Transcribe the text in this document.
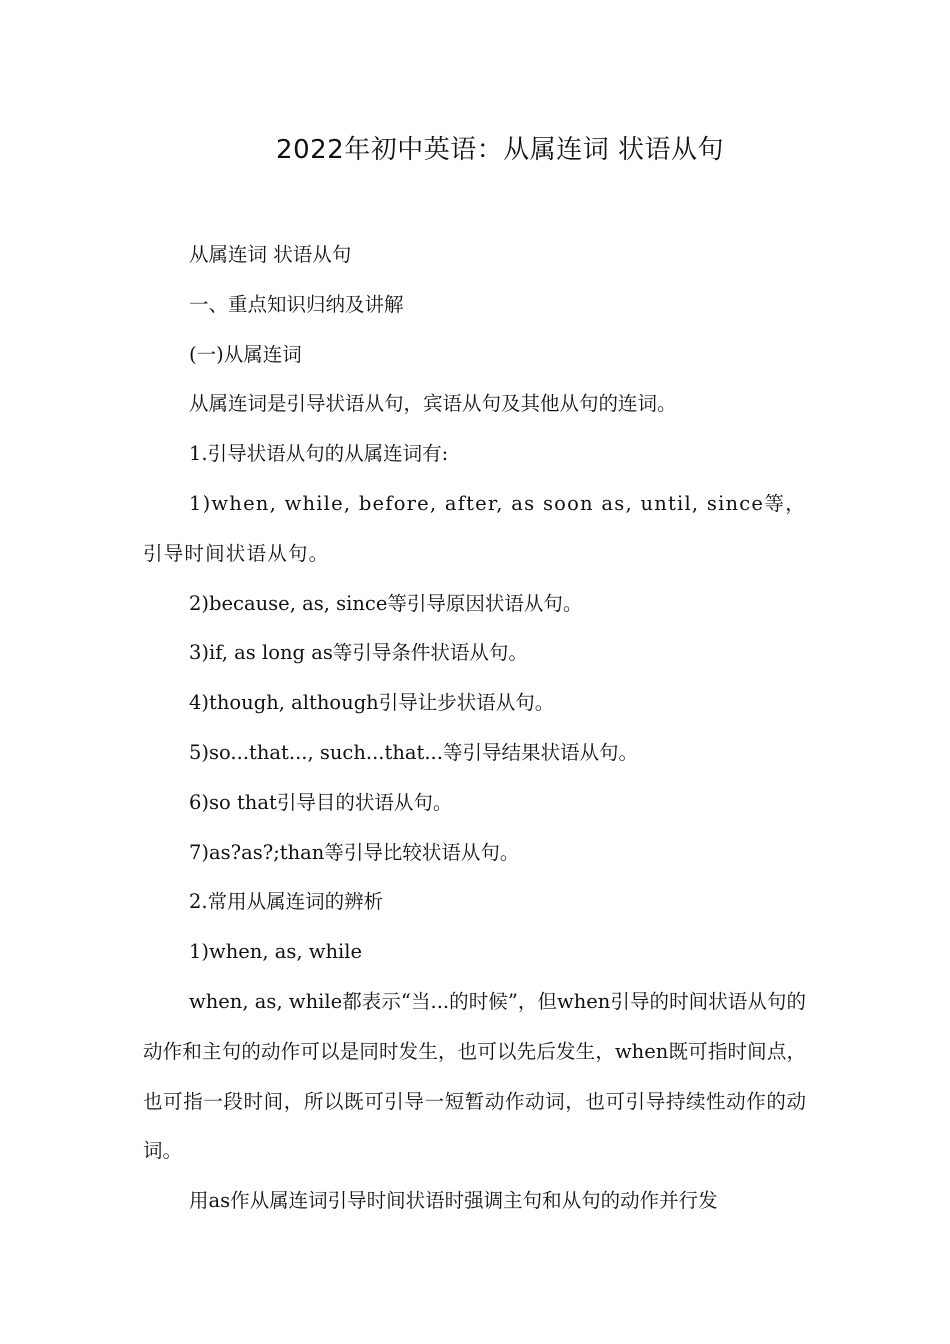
2022年初中英语：从属连词 状语从句

从属连词 状语从句

一、重点知识归纳及讲解

(一)从属连词

从属连词是引导状语从句，宾语从句及其他从句的连词。

1.引导状语从句的从属连词有:

1)when, while, before, after, as soon as, until, since等，引导时间状语从句。

2)because, as, since等引导原因状语从句。

3)if, as long as等引导条件状语从句。

4)though, although引导让步状语从句。

5)so...that..., such...that...等引导结果状语从句。

6)so that引导目的状语从句。

7)as?as?;than等引导比较状语从句。

2.常用从属连词的辨析

1)when, as, while

when, as, while都表示“当...的时候”，但when引导的时间状语从句的动作和主句的动作可以是同时发生，也可以先后发生，when既可指时间点，也可指一段时间，所以既可引导一短暂动作动词，也可引导持续性动作的动词。

用as作从属连词引导时间状语时强调主句和从句的动作并行发
